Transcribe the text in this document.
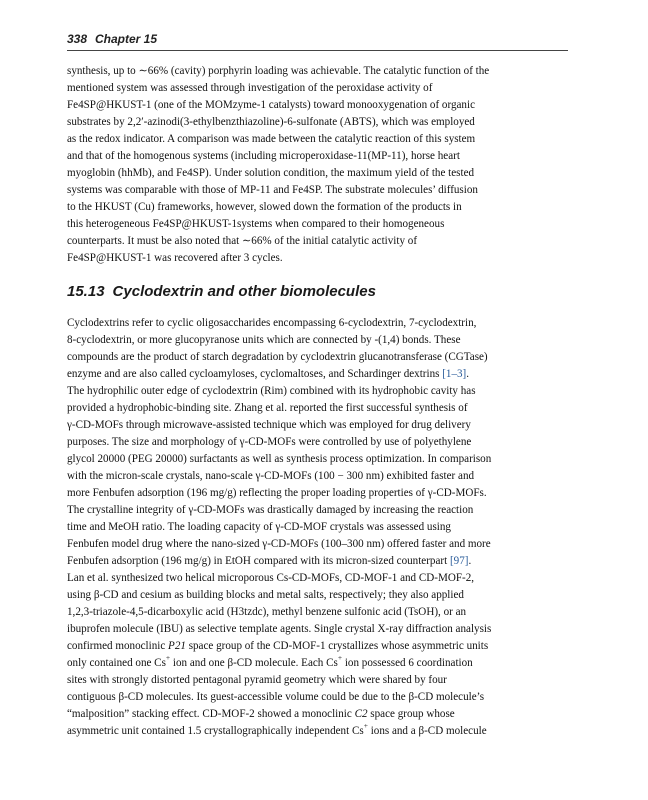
338 Chapter 15
synthesis, up to ∼66% (cavity) porphyrin loading was achievable. The catalytic function of the
mentioned system was assessed through investigation of the peroxidase activity of
Fe4SP@HKUST-1 (one of the MOMzyme-1 catalysts) toward monooxygenation of organic
substrates by 2,2′-azinodi(3-ethylbenzthiazoline)-6-sulfonate (ABTS), which was employed
as the redox indicator. A comparison was made between the catalytic reaction of this system
and that of the homogenous systems (including microperoxidase-11(MP-11), horse heart
myoglobin (hhMb), and Fe4SP). Under solution condition, the maximum yield of the tested
systems was comparable with those of MP-11 and Fe4SP. The substrate molecules’ diffusion
to the HKUST (Cu) frameworks, however, slowed down the formation of the products in
this heterogeneous Fe4SP@HKUST-1systems when compared to their homogeneous
counterparts. It must be also noted that ∼66% of the initial catalytic activity of
Fe4SP@HKUST-1 was recovered after 3 cycles.
15.13 Cyclodextrin and other biomolecules
Cyclodextrins refer to cyclic oligosaccharides encompassing 6-cyclodextrin, 7-cyclodextrin,
8-cyclodextrin, or more glucopyranose units which are connected by -(1,4) bonds. These
compounds are the product of starch degradation by cyclodextrin glucanotransferase (CGTase)
enzyme and are also called cycloamyloses, cyclomaltoses, and Schardinger dextrins [1–3].
The hydrophilic outer edge of cyclodextrin (Rim) combined with its hydrophobic cavity has
provided a hydrophobic-binding site. Zhang et al. reported the first successful synthesis of
γ-CD-MOFs through microwave-assisted technique which was employed for drug delivery
purposes. The size and morphology of γ-CD-MOFs were controlled by use of polyethylene
glycol 20000 (PEG 20000) surfactants as well as synthesis process optimization. In comparison
with the micron-scale crystals, nano-scale γ-CD-MOFs (100 − 300 nm) exhibited faster and
more Fenbufen adsorption (196 mg/g) reflecting the proper loading properties of γ-CD-MOFs.
The crystalline integrity of γ-CD-MOFs was drastically damaged by increasing the reaction
time and MeOH ratio. The loading capacity of γ-CD-MOF crystals was assessed using
Fenbufen model drug where the nano-sized γ-CD-MOFs (100–300 nm) offered faster and more
Fenbufen adsorption (196 mg/g) in EtOH compared with its micron-sized counterpart [97].
Lan et al. synthesized two helical microporous Cs-CD-MOFs, CD-MOF-1 and CD-MOF-2,
using β-CD and cesium as building blocks and metal salts, respectively; they also applied
1,2,3-triazole-4,5-dicarboxylic acid (H3tzdc), methyl benzene sulfonic acid (TsOH), or an
ibuprofen molecule (IBU) as selective template agents. Single crystal X-ray diffraction analysis
confirmed monoclinic P21 space group of the CD-MOF-1 crystallizes whose asymmetric units
only contained one Cs+ ion and one β-CD molecule. Each Cs+ ion possessed 6 coordination
sites with strongly distorted pentagonal pyramid geometry which were shared by four
contiguous β-CD molecules. Its guest-accessible volume could be due to the β-CD molecule’s
“malposition” stacking effect. CD-MOF-2 showed a monoclinic C2 space group whose
asymmetric unit contained 1.5 crystallographically independent Cs+ ions and a β-CD molecule
